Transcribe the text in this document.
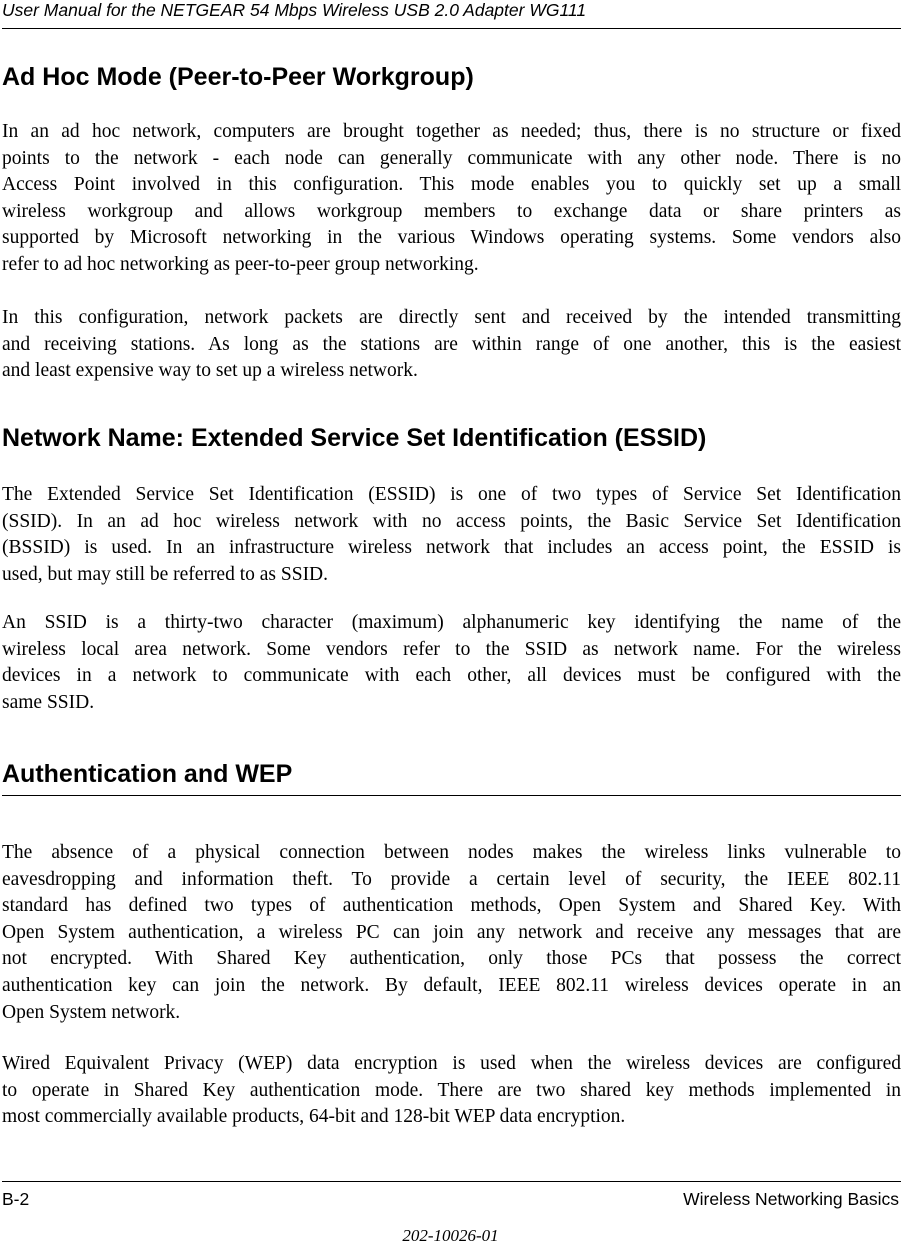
User Manual for the NETGEAR 54 Mbps Wireless USB 2.0 Adapter WG111
Ad Hoc Mode (Peer-to-Peer Workgroup)
In an ad hoc network, computers are brought together as needed; thus, there is no structure or fixed
points to the network - each node can generally communicate with any other node. There is no
Access Point involved in this configuration. This mode enables you to quickly set up a small
wireless workgroup and allows workgroup members to exchange data or share printers as
supported by Microsoft networking in the various Windows operating systems. Some vendors also
refer to ad hoc networking as peer-to-peer group networking.
In this configuration, network packets are directly sent and received by the intended transmitting
and receiving stations. As long as the stations are within range of one another, this is the easiest
and least expensive way to set up a wireless network.
Network Name: Extended Service Set Identification (ESSID)
The Extended Service Set Identification (ESSID) is one of two types of Service Set Identification
(SSID). In an ad hoc wireless network with no access points, the Basic Service Set Identification
(BSSID) is used. In an infrastructure wireless network that includes an access point, the ESSID is
used, but may still be referred to as SSID.
An SSID is a thirty-two character (maximum) alphanumeric key identifying the name of the
wireless local area network. Some vendors refer to the SSID as network name. For the wireless
devices in a network to communicate with each other, all devices must be configured with the
same SSID.
Authentication and WEP
The absence of a physical connection between nodes makes the wireless links vulnerable to
eavesdropping and information theft. To provide a certain level of security, the IEEE 802.11
standard has defined two types of authentication methods, Open System and Shared Key. With
Open System authentication, a wireless PC can join any network and receive any messages that are
not encrypted. With Shared Key authentication, only those PCs that possess the correct
authentication key can join the network. By default, IEEE 802.11 wireless devices operate in an
Open System network.
Wired Equivalent Privacy (WEP) data encryption is used when the wireless devices are configured
to operate in Shared Key authentication mode. There are two shared key methods implemented in
most commercially available products, 64-bit and 128-bit WEP data encryption.
B-2	Wireless Networking Basics
202-10026-01
